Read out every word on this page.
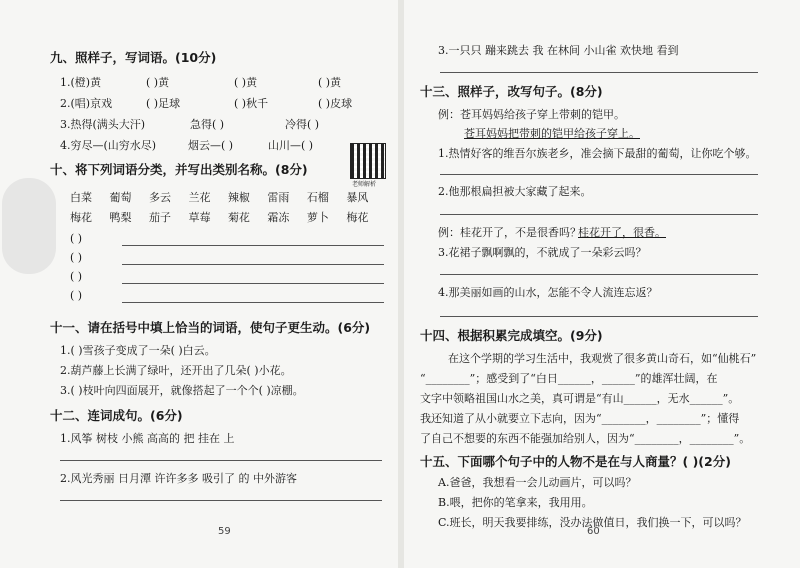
九、照样子，写词语。(10分)
1.(橙)黄	( )黄	( )黄	( )黄
2.(唱)京戏	( )足球	( )秋千	( )皮球
3.热得(满头大汗)	急得( )	冷得( )
4.穷尽—(山穷水尽)	烟云—( )	山川—( )
老师解析
十、将下列词语分类，并写出类别名称。(8分)
白菜 葡萄 多云 兰花 辣椒 雷雨 石榴 暴风
梅花 鸭梨 茄子 草莓 菊花 霜冻 萝卜 梅花
( )
( )
( )
( )
十一、请在括号中填上恰当的词语，使句子更生动。(6分)
1.( )雪孩子变成了一朵( )白云。
2.葫芦藤上长满了绿叶，还开出了几朵( )小花。
3.( )枝叶向四面展开，就像搭起了一个个( )凉棚。
十二、连词成句。(6分)
1.风筝 树枝 小熊 高高的 把 挂在 上
2.风光秀丽 日月潭 许许多多 吸引了 的 中外游客
59
3.一只只 蹦来跳去 我 在林间 小山雀 欢快地 看到
十三、照样子，改写句子。(8分)
例：苍耳妈妈给孩子穿上带刺的铠甲。
苍耳妈妈把带刺的铠甲给孩子穿上。
1.热情好客的维吾尔族老乡，准会摘下最甜的葡萄，让你吃个够。
2.他那根扁担被大家藏了起来。
例：桂花开了，不是很香吗？
桂花开了，很香。
3.花裙子飘啊飘的，不就成了一朵彩云吗？
4.那美丽如画的山水，怎能不令人流连忘返？
十四、根据积累完成填空。(9分)
在这个学期的学习生活中，我观赏了很多黄山奇石，如“仙桃石”
“________”；感受到了“白日______，______”的雄浑壮阔，在
文字中领略祖国山水之美，真可谓是“有山______，无水______”。
我还知道了从小就要立下志向，因为“________，________”；懂得
了自己不想要的东西不能强加给别人，因为“________，________”。
十五、下面哪个句子中的人物不是在与人商量？( )(2分)
A.爸爸，我想看一会儿动画片，可以吗？
B.喂，把你的笔拿来，我用用。
C.班长，明天我要排练，没办法做值日，我们换一下，可以吗？
60
